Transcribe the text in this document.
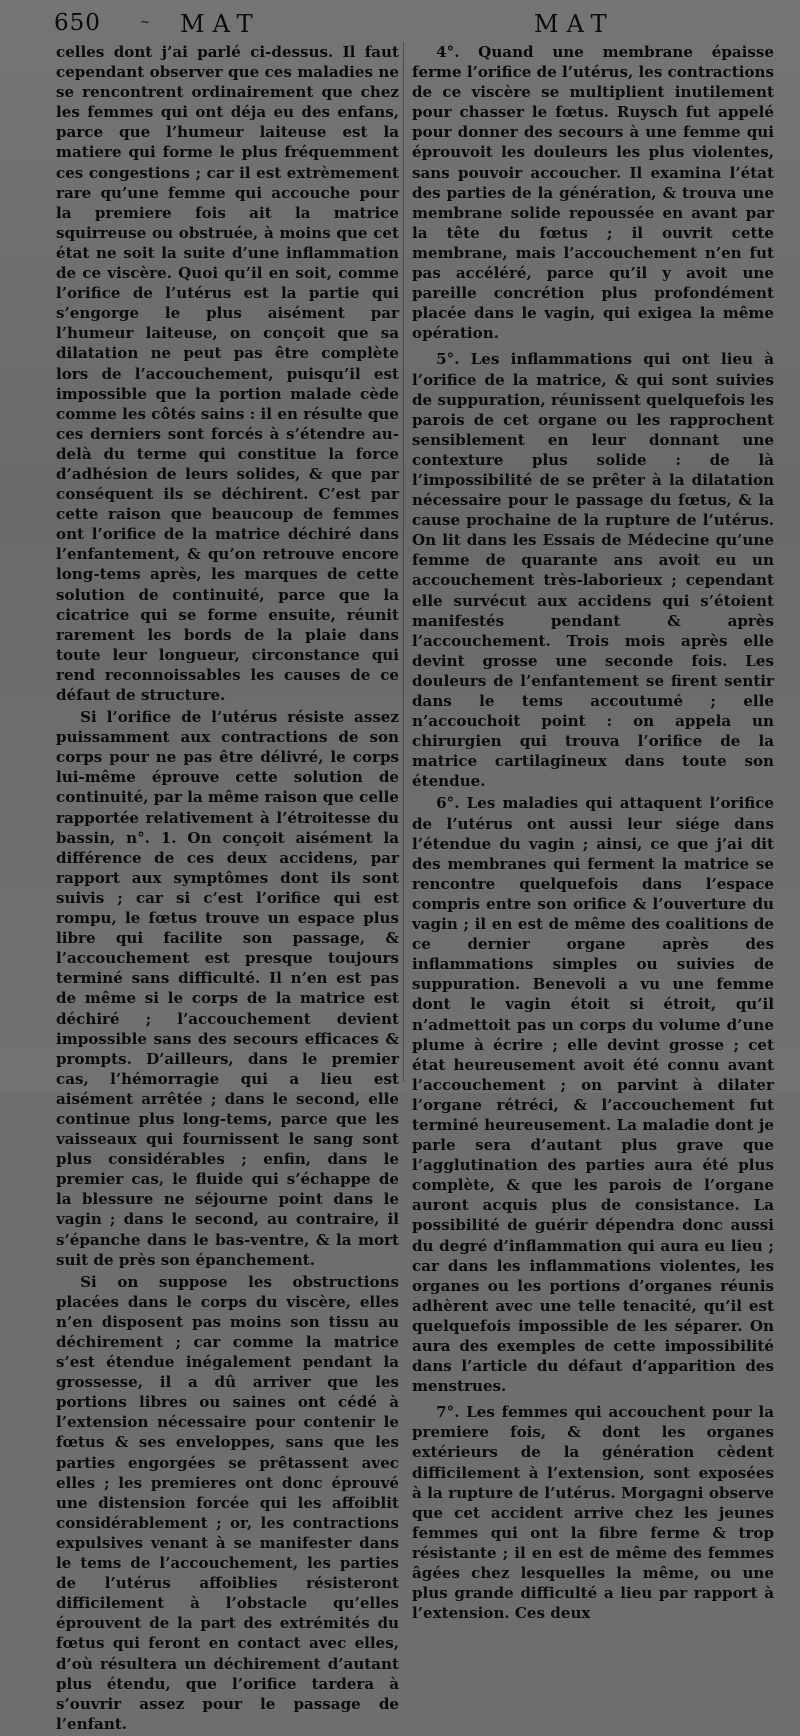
650	~ MAT	MAT

celles dont j’ai parlé ci-dessus. Il faut cependant observer que ces maladies ne se rencontrent ordinairement que chez les femmes qui ont déja eu des enfans, parce que l’humeur laiteuse est la matiere qui forme le plus fréquemment ces congestions ; car il est extrèmement rare qu’une femme qui accouche pour la premiere fois ait la matrice squirreuse ou obstruée, à moins que cet état ne soit la suite d’une inflammation de ce viscère. Quoi qu’il en soit, comme l’orifice de l’utérus est la partie qui s’engorge le plus aisément par l’humeur laiteuse, on conçoit que sa dilatation ne peut pas être complète lors de l’accouchement, puisqu’il est impossible que la portion malade cède comme les côtés sains : il en résulte que ces derniers sont forcés à s’étendre au-delà du terme qui constitue la force d’adhésion de leurs solides, & que par conséquent ils se déchirent. C’est par cette raison que beaucoup de femmes ont l’orifice de la matrice déchiré dans l’enfantement, & qu’on retrouve encore long-tems après, les marques de cette solution de continuité, parce que la cicatrice qui se forme ensuite, réunit rarement les bords de la plaie dans toute leur longueur, circonstance qui rend reconnoissables les causes de ce défaut de structure.

Si l’orifice de l’utérus résiste assez puissamment aux contractions de son corps pour ne pas être délivré, le corps lui-même éprouve cette solution de continuité, par la même raison que celle rapportée relativement à l’étroitesse du bassin, n°. 1. On conçoit aisément la différence de ces deux accidens, par rapport aux symptômes dont ils sont suivis ; car si c’est l’orifice qui est rompu, le fœtus trouve un espace plus libre qui facilite son passage, & l’accouchement est presque toujours terminé sans difficulté. Il n’en est pas de même si le corps de la matrice est déchiré ; l’accouchement devient impossible sans des secours efficaces & prompts. D’ailleurs, dans le premier cas, l’hémorragie qui a lieu est aisément arrêtée ; dans le second, elle continue plus long-tems, parce que les vaisseaux qui fournissent le sang sont plus considérables ; enfin, dans le premier cas, le fluide qui s’échappe de la blessure ne séjourne point dans le vagin ; dans le second, au contraire, il s’épanche dans le bas-ventre, & la mort suit de près son épanchement.

Si on suppose les obstructions placées dans le corps du viscère, elles n’en disposent pas moins son tissu au déchirement ; car comme la matrice s’est étendue inégalement pendant la grossesse, il a dû arriver que les portions libres ou saines ont cédé à l’extension nécessaire pour contenir le fœtus & ses enveloppes, sans que les parties engorgées se prêtassent avec elles ; les premieres ont donc éprouvé une distension forcée qui les affoiblit considérablement ; or, les contractions expulsives venant à se manifester dans le tems de l’accouchement, les parties de l’utérus affoiblies résisteront difficilement à l’obstacle qu’elles éprouvent de la part des extrémités du fœtus qui feront en contact avec elles, d’où résultera un déchirement d’autant plus étendu, que l’orifice tardera à s’ouvrir assez pour le passage de l’enfant.

4°. Quand une membrane épaisse ferme l’orifice de l’utérus, les contractions de ce viscère se multiplient inutilement pour chasser le fœtus. Ruysch fut appelé pour donner des secours à une femme qui éprouvoit les douleurs les plus violentes, sans pouvoir accoucher. Il examina l’état des parties de la génération, & trouva une membrane solide repoussée en avant par la tête du fœtus ; il ouvrit cette membrane, mais l’accouchement n’en fut pas accéléré, parce qu’il y avoit une pareille concrétion plus profondément placée dans le vagin, qui exigea la même opération.

5°. Les inflammations qui ont lieu à l’orifice de la matrice, & qui sont suivies de suppuration, réunissent quelquefois les parois de cet organe ou les rapprochent sensiblement en leur donnant une contexture plus solide : de là l’impossibilité de se prêter à la dilatation nécessaire pour le passage du fœtus, & la cause prochaine de la rupture de l’utérus. On lit dans les Essais de Médecine qu’une femme de quarante ans avoit eu un accouchement très-laborieux ; cependant elle survécut aux accidens qui s’étoient manifestés pendant & après l’accouchement. Trois mois après elle devint grosse une seconde fois. Les douleurs de l’enfantement se firent sentir dans le tems accoutumé ; elle n’accouchoit point : on appela un chirurgien qui trouva l’orifice de la matrice cartilagineux dans toute son étendue.

6°. Les maladies qui attaquent l’orifice de l’utérus ont aussi leur siége dans l’étendue du vagin ; ainsi, ce que j’ai dit des membranes qui ferment la matrice se rencontre quelquefois dans l’espace compris entre son orifice & l’ouverture du vagin ; il en est de même des coalitions de ce dernier organe après des inflammations simples ou suivies de suppuration. Benevoli a vu une femme dont le vagin étoit si étroit, qu’il n’admettoit pas un corps du volume d’une plume à écrire ; elle devint grosse ; cet état heureusement avoit été connu avant l’accouchement ; on parvint à dilater l’organe rétréci, & l’accouchement fut terminé heureusement. La maladie dont je parle sera d’autant plus grave que l’agglutination des parties aura été plus complète, & que les parois de l’organe auront acquis plus de consistance. La possibilité de guérir dépendra donc aussi du degré d’inflammation qui aura eu lieu ; car dans les inflammations violentes, les organes ou les portions d’organes réunis adhèrent avec une telle tenacité, qu’il est quelquefois impossible de les séparer. On aura des exemples de cette impossibilité dans l’article du défaut d’apparition des menstrues.

7°. Les femmes qui accouchent pour la premiere fois, & dont les organes extérieurs de la génération cèdent difficilement à l’extension, sont exposées à la rupture de l’utérus. Morgagni observe que cet accident arrive chez les jeunes femmes qui ont la fibre ferme & trop résistante ; il en est de même des femmes âgées chez lesquelles la même, ou une plus grande difficulté a lieu par rapport à l’extension. Ces deux
